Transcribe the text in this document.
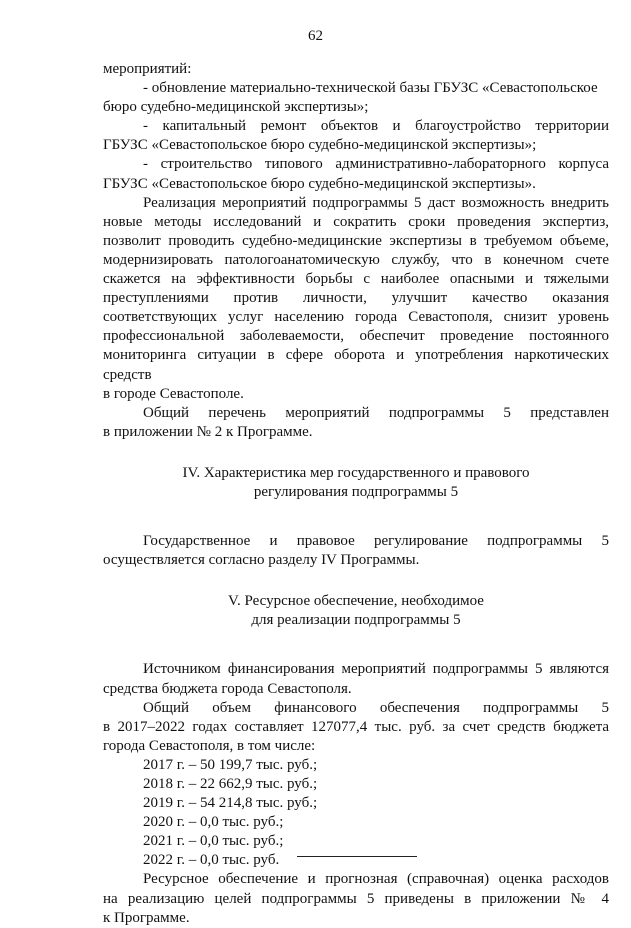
62
мероприятий:
- обновление материально-технической базы ГБУЗС «Севастопольское
бюро судебно-медицинской экспертизы»;
- капитальный ремонт объектов и благоустройство территории
ГБУЗС «Севастопольское бюро судебно-медицинской экспертизы»;
- строительство типового административно-лабораторного корпуса
ГБУЗС «Севастопольское бюро судебно-медицинской экспертизы».
Реализация мероприятий подпрограммы 5 даст возможность внедрить
новые методы исследований и сократить сроки проведения экспертиз,
позволит проводить судебно-медицинские экспертизы в требуемом объеме,
модернизировать патологоанатомическую службу, что в конечном счете
скажется на эффективности борьбы с наиболее опасными и тяжелыми
преступлениями против личности, улучшит качество оказания
соответствующих услуг населению города Севастополя, снизит уровень
профессиональной заболеваемости, обеспечит проведение постоянного
мониторинга ситуации в сфере оборота и употребления наркотических средств
в городе Севастополе.
Общий перечень мероприятий подпрограммы 5 представлен
в приложении № 2 к Программе.
IV. Характеристика мер государственного и правового
регулирования подпрограммы 5
Государственное и правовое регулирование подпрограммы 5
осуществляется согласно разделу IV Программы.
V. Ресурсное обеспечение, необходимое
для реализации подпрограммы 5
Источником финансирования мероприятий подпрограммы 5 являются
средства бюджета города Севастополя.
Общий объем финансового обеспечения подпрограммы 5
в 2017–2022 годах составляет 127077,4 тыс. руб. за счет средств бюджета
города Севастополя, в том числе:
2017 г. – 50 199,7 тыс. руб.;
2018 г. – 22 662,9 тыс. руб.;
2019 г. – 54 214,8 тыс. руб.;
2020 г. – 0,0 тыс. руб.;
2021 г. – 0,0 тыс. руб.;
2022 г. – 0,0 тыс. руб.
Ресурсное обеспечение и прогнозная (справочная) оценка расходов
на реализацию целей подпрограммы 5 приведены в приложении № 4
к Программе.
